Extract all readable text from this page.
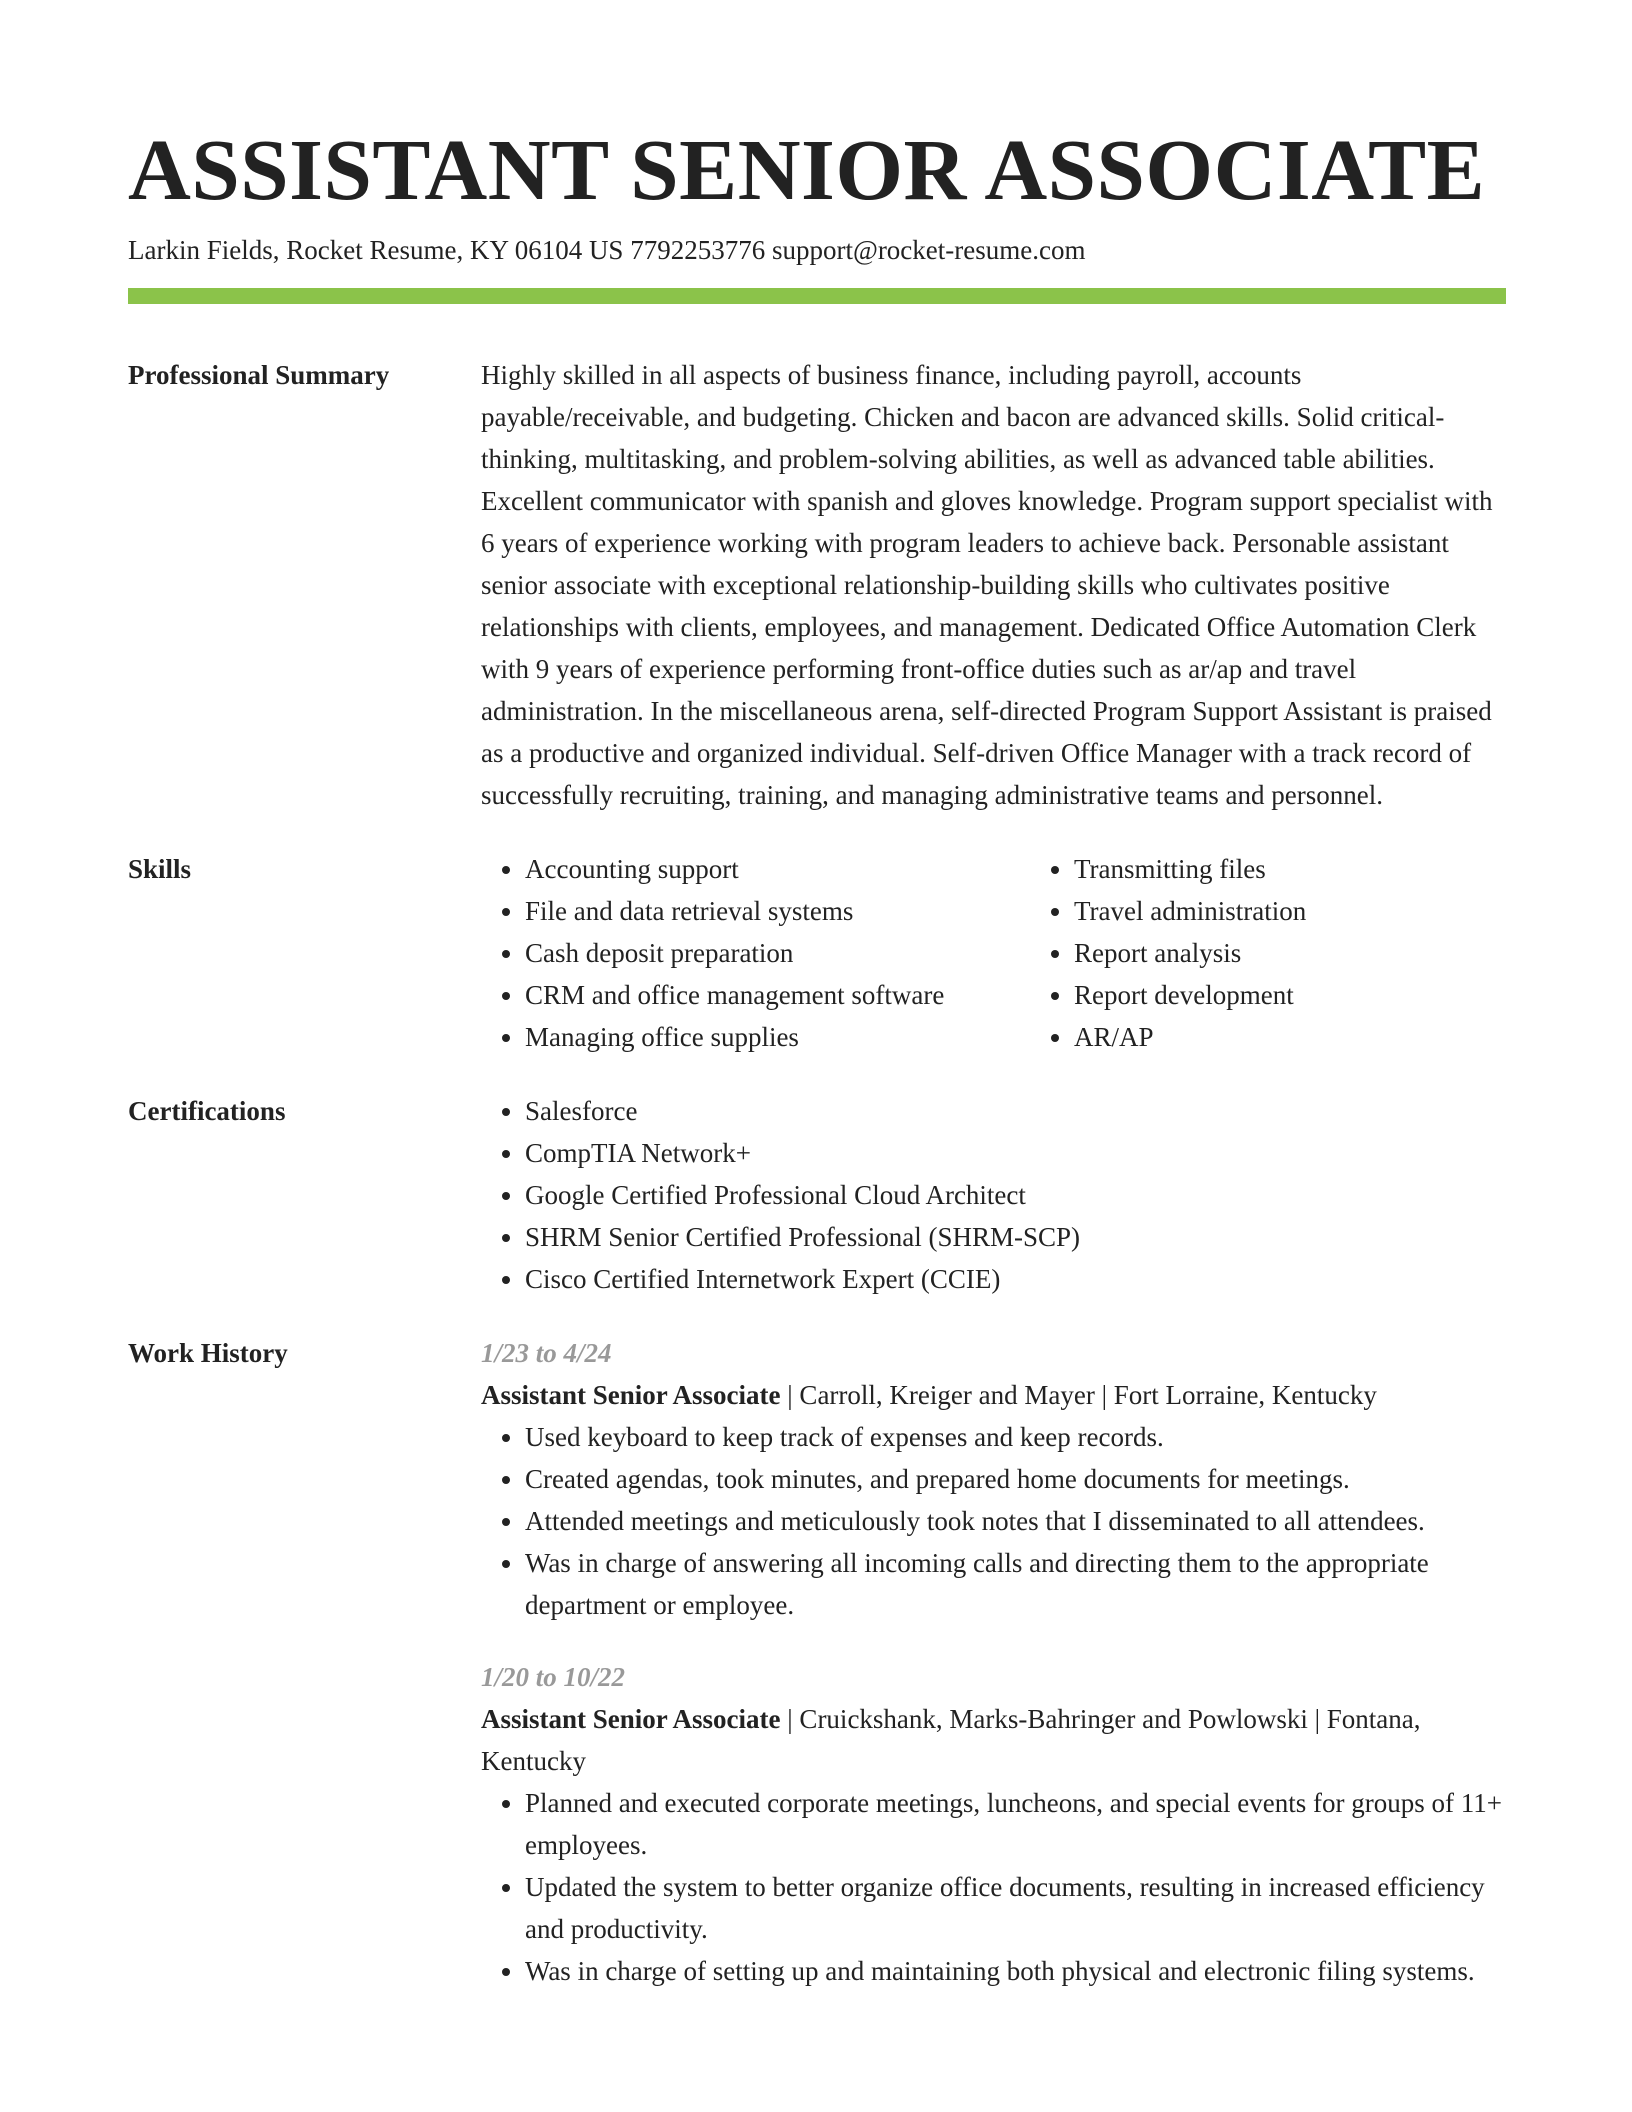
ASSISTANT SENIOR ASSOCIATE
Larkin Fields, Rocket Resume, KY 06104 US 7792253776 support@rocket-resume.com
Professional Summary	Highly skilled in all aspects of business finance, including payroll, accounts payable/receivable, and budgeting. Chicken and bacon are advanced skills. Solid critical-thinking, multitasking, and problem-solving abilities, as well as advanced table abilities. Excellent communicator with spanish and gloves knowledge. Program support specialist with 6 years of experience working with program leaders to achieve back. Personable assistant senior associate with exceptional relationship-building skills who cultivates positive relationships with clients, employees, and management. Dedicated Office Automation Clerk with 9 years of experience performing front-office duties such as ar/ap and travel administration. In the miscellaneous arena, self-directed Program Support Assistant is praised as a productive and organized individual. Self-driven Office Manager with a track record of successfully recruiting, training, and managing administrative teams and personnel.
Skills	• Accounting support
• File and data retrieval systems
• Cash deposit preparation
• CRM and office management software
• Managing office supplies
• Transmitting files
• Travel administration
• Report analysis
• Report development
• AR/AP
Certifications	• Salesforce
• CompTIA Network+
• Google Certified Professional Cloud Architect
• SHRM Senior Certified Professional (SHRM-SCP)
• Cisco Certified Internetwork Expert (CCIE)
Work History	1/23 to 4/24
Assistant Senior Associate | Carroll, Kreiger and Mayer | Fort Lorraine, Kentucky
• Used keyboard to keep track of expenses and keep records.
• Created agendas, took minutes, and prepared home documents for meetings.
• Attended meetings and meticulously took notes that I disseminated to all attendees.
• Was in charge of answering all incoming calls and directing them to the appropriate department or employee.
1/20 to 10/22
Assistant Senior Associate | Cruickshank, Marks-Bahringer and Powlowski | Fontana, Kentucky
• Planned and executed corporate meetings, luncheons, and special events for groups of 11+ employees.
• Updated the system to better organize office documents, resulting in increased efficiency and productivity.
• Was in charge of setting up and maintaining both physical and electronic filing systems.
